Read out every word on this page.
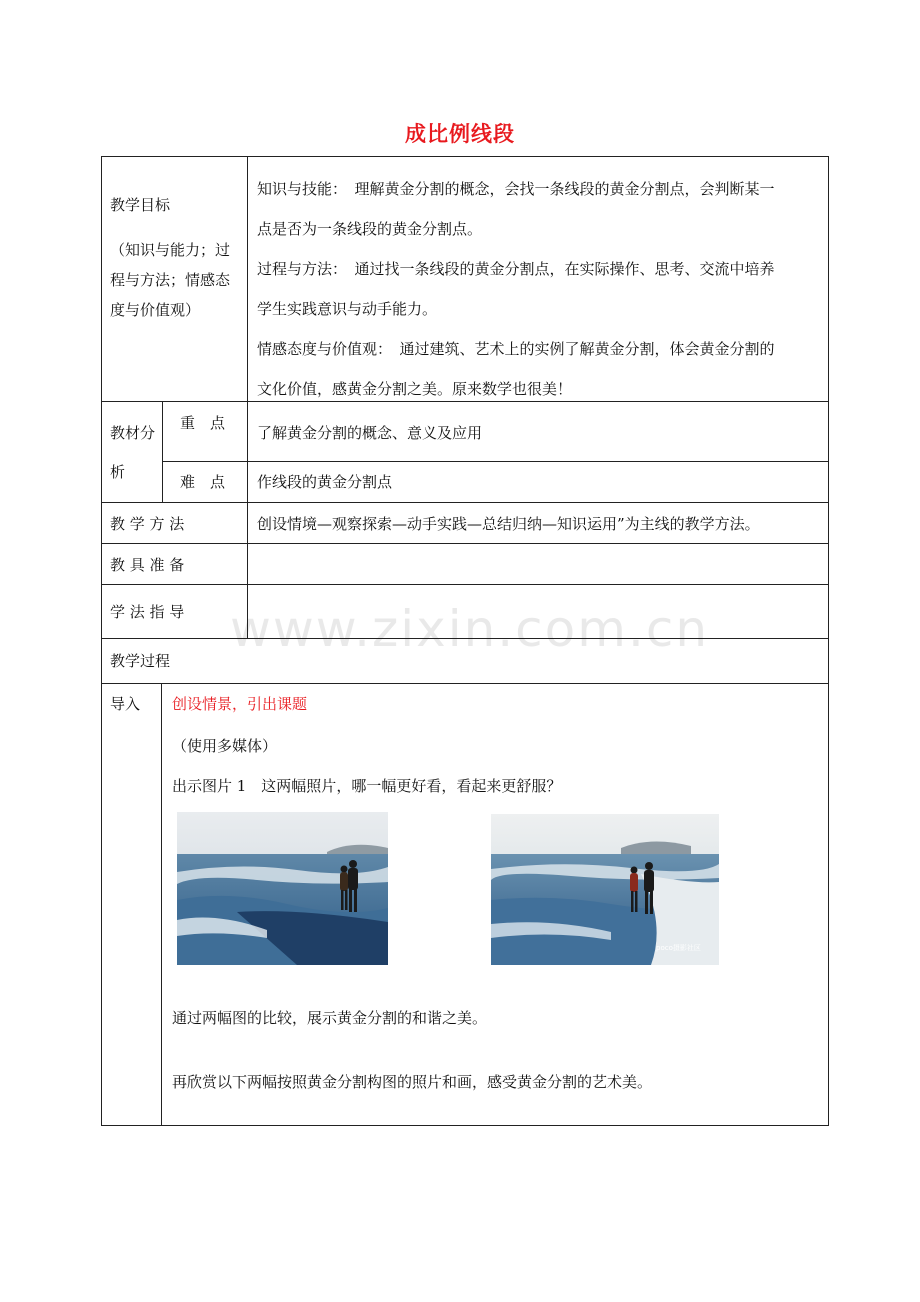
成比例线段
www.zixin.com.cn
教学目标
（知识与能力；过
程与方法；情感态
度与价值观）
知识与技能：　理解黄金分割的概念，会找一条线段的黄金分割点，会判断某一
点是否为一条线段的黄金分割点。
过程与方法：　通过找一条线段的黄金分割点，在实际操作、思考、交流中培养
学生实践意识与动手能力。
情感态度与价值观：　通过建筑、艺术上的实例了解黄金分割，体会黄金分割的
文化价值，感黄金分割之美。原来数学也很美！
教材分
析
重　点
了解黄金分割的概念、意义及应用
难　点 作线段的黄金分割点
教 学 方 法	创设情境—观察探索—动手实践—总结归纳—知识运用”为主线的教学方法。
教 具 准 备
学 法 指 导
教学过程
导入 创设情景，引出课题
（使用多媒体）
出示图片 1　这两幅照片，哪一幅更好看，看起来更舒服？
poco摄影社区
通过两幅图的比较，展示黄金分割的和谐之美。
再欣赏以下两幅按照黄金分割构图的照片和画，感受黄金分割的艺术美。
